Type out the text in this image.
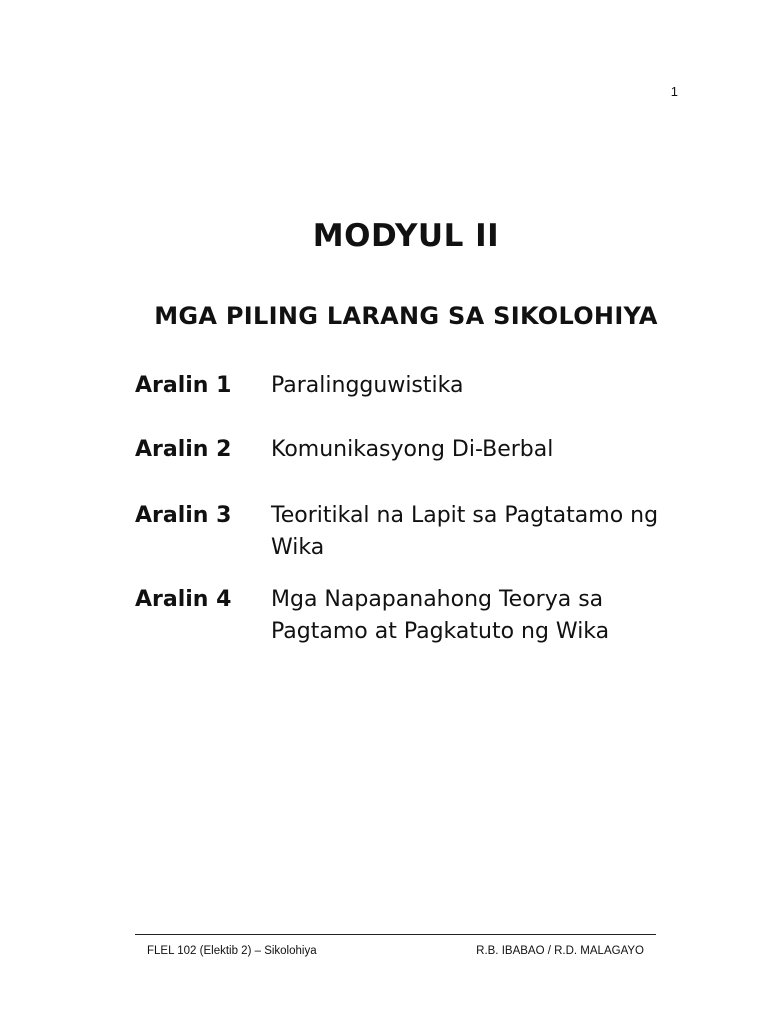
1
MODYUL II
MGA PILING LARANG SA SIKOLOHIYA
Aralin 1	Paralingguwistika
Aralin 2	Komunikasyong Di-Berbal
Aralin 3	Teoritikal na Lapit sa Pagtatamo ng Wika
Aralin 4	Mga Napapanahong Teorya sa Pagtamo at Pagkatuto ng Wika
FLEL 102 (Elektib 2) – Sikolohiya	R.B. IBABAO / R.D. MALAGAYO
